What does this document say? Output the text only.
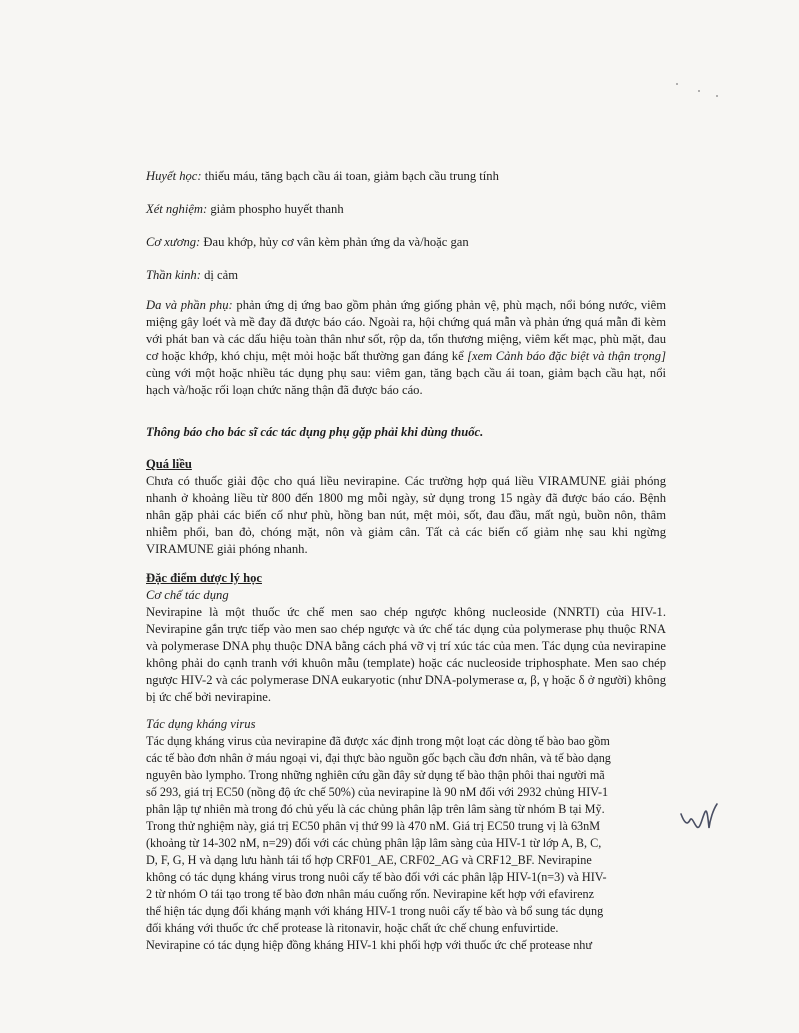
Huyết học: thiếu máu, tăng bạch cầu ái toan, giảm bạch cầu trung tính
Xét nghiệm: giảm phospho huyết thanh
Cơ xương: Đau khớp, hủy cơ vân kèm phản ứng da và/hoặc gan
Thần kinh: dị cảm

Da và phần phụ: phản ứng dị ứng bao gồm phản ứng giống phản vệ, phù mạch, nổi bóng nước, viêm miệng gây loét và mề đay đã được báo cáo. Ngoài ra, hội chứng quá mẫn và phản ứng quá mẫn đi kèm với phát ban và các dấu hiệu toàn thân như sốt, rộp da, tổn thương miệng, viêm kết mạc, phù mặt, đau cơ hoặc khớp, khó chịu, mệt mỏi hoặc bất thường gan đáng kể [xem Cảnh báo đặc biệt và thận trọng] cùng với một hoặc nhiều tác dụng phụ sau: viêm gan, tăng bạch cầu ái toan, giảm bạch cầu hạt, nổi hạch và/hoặc rối loạn chức năng thận đã được báo cáo.

Thông báo cho bác sĩ các tác dụng phụ gặp phải khi dùng thuốc.
Quá liều

Chưa có thuốc giải độc cho quá liều nevirapine. Các trường hợp quá liều VIRAMUNE giải phóng nhanh ở khoảng liều từ 800 đến 1800 mg mỗi ngày, sử dụng trong 15 ngày đã được báo cáo. Bệnh nhân gặp phải các biến cố như phù, hồng ban nút, mệt mỏi, sốt, đau đầu, mất ngủ, buồn nôn, thâm nhiễm phổi, ban đỏ, chóng mặt, nôn và giảm cân. Tất cả các biến cố giảm nhẹ sau khi ngừng VIRAMUNE giải phóng nhanh.

Đặc điểm dược lý học
Cơ chế tác dụng

Nevirapine là một thuốc ức chế men sao chép ngược không nucleoside (NNRTI) của HIV-1. Nevirapine gắn trực tiếp vào men sao chép ngược và ức chế tác dụng của polymerase phụ thuộc RNA và polymerase DNA phụ thuộc DNA bằng cách phá vỡ vị trí xúc tác của men. Tác dụng của nevirapine không phải do cạnh tranh với khuôn mẫu (template) hoặc các nucleoside triphosphate. Men sao chép ngược HIV-2 và các polymerase DNA eukaryotic (như DNA-polymerase α, β, γ hoặc δ ở người) không bị ức chế bởi nevirapine.

Tác dụng kháng virus
Tác dụng kháng virus của nevirapine đã được xác định trong một loạt các dòng tế bào bao gồm
các tế bào đơn nhân ở máu ngoại vi, đại thực bào nguồn gốc bạch cầu đơn nhân, và tế bào dạng
nguyên bào lympho. Trong những nghiên cứu gần đây sử dụng tế bào thận phôi thai người mã
số 293, giá trị EC50 (nồng độ ức chế 50%) của nevirapine là 90 nM đối với 2932 chủng HIV-1
phân lập tự nhiên mà trong đó chủ yếu là các chủng phân lập trên lâm sàng từ nhóm B tại Mỹ.
Trong thử nghiệm này, giá trị EC50 phân vị thứ 99 là 470 nM. Giá trị EC50 trung vị là 63nM
(khoảng từ 14-302 nM, n=29) đối với các chủng phân lập lâm sàng của HIV-1 từ lớp A, B, C,
D, F, G, H và dạng lưu hành tái tổ hợp CRF01_AE, CRF02_AG và CRF12_BF. Nevirapine
không có tác dụng kháng virus trong nuôi cấy tế bào đối với các phân lập HIV-1(n=3) và HIV-
2 từ nhóm O tái tạo trong tế bào đơn nhân máu cuống rốn. Nevirapine kết hợp với efavirenz
thể hiện tác dụng đối kháng mạnh với kháng HIV-1 trong nuôi cấy tế bào và bổ sung tác dụng
đối kháng với thuốc ức chế protease là ritonavir, hoặc chất ức chế chung enfuvirtide.
Nevirapine có tác dụng hiệp đồng kháng HIV-1 khi phối hợp với thuốc ức chế protease như
